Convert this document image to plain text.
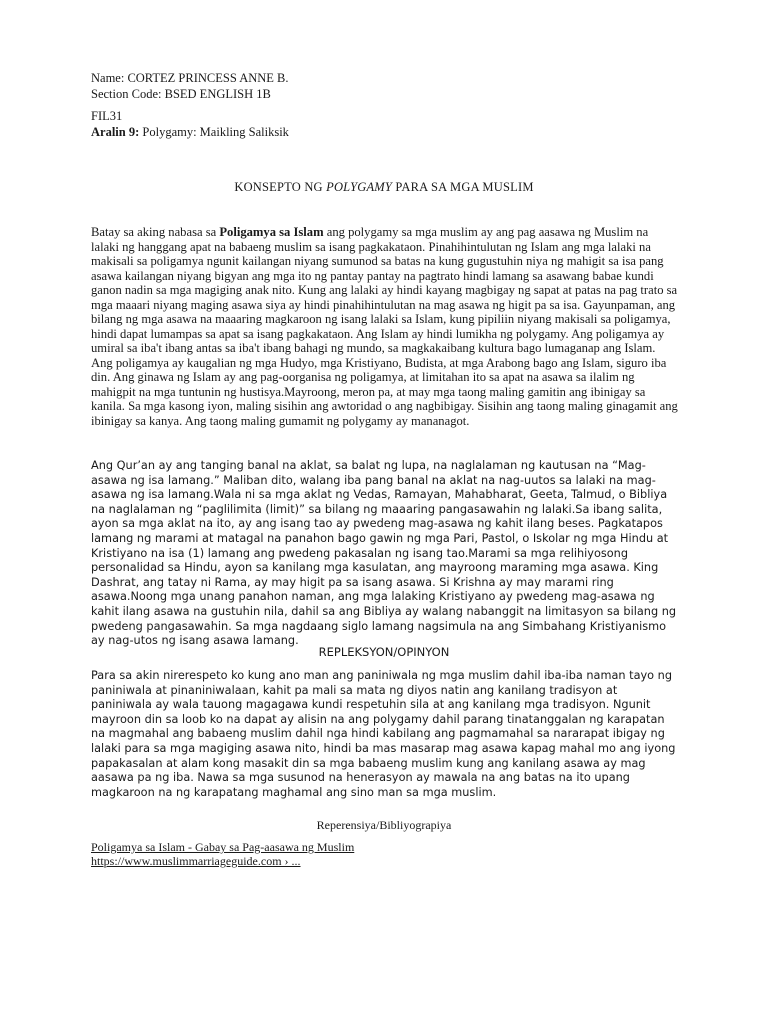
Name: CORTEZ PRINCESS ANNE B.
Section Code: BSED ENGLISH 1B
FIL31
Aralin 9: Polygamy: Maikling Saliksik
KONSEPTO NG POLYGAMY PARA SA MGA MUSLIM

Batay sa aking nabasa sa Poligamya sa Islam ang polygamy sa mga muslim ay ang pag aasawa ng Muslim na lalaki ng hanggang apat na babaeng muslim sa isang pagkakataon. Pinahihintulutan ng Islam ang mga lalaki na makisali sa poligamya ngunit kailangan niyang sumunod sa batas na kung gugustuhin niya ng mahigit sa isa pang asawa kailangan niyang bigyan ang mga ito ng pantay pantay na pagtrato hindi lamang sa asawang babae kundi ganon nadin sa mga magiging anak nito. Kung ang lalaki ay hindi kayang magbigay ng sapat at patas na pag trato sa mga maaari niyang maging asawa siya ay hindi pinahihintulutan na mag asawa ng higit pa sa isa. Gayunpaman, ang bilang ng mga asawa na maaaring magkaroon ng isang lalaki sa Islam, kung pipiliin niyang makisali sa poligamya, hindi dapat lumampas sa apat sa isang pagkakataon. Ang Islam ay hindi lumikha ng polygamy. Ang poligamya ay umiral sa iba't ibang antas sa iba't ibang bahagi ng mundo, sa magkakaibang kultura bago lumaganap ang Islam. Ang poligamya ay kaugalian ng mga Hudyo, mga Kristiyano, Budista, at mga Arabong bago ang Islam, siguro iba din. Ang ginawa ng Islam ay ang pag-oorganisa ng poligamya, at limitahan ito sa apat na asawa sa ilalim ng mahigpit na mga tuntunin ng hustisya.Mayroong, meron pa, at may mga taong maling gamitin ang ibinigay sa kanila. Sa mga kasong iyon, maling sisihin ang awtoridad o ang nagbibigay. Sisihin ang taong maling ginagamit ang ibinigay sa kanya. Ang taong maling gumamit ng polygamy ay mananagot.

Ang Qur’an ay ang tanging banal na aklat, sa balat ng lupa, na naglalaman ng kautusan na “Mag-asawa ng isa lamang.” Maliban dito, walang iba pang banal na aklat na nag-uutos sa lalaki na mag-asawa ng isa lamang.Wala ni sa mga aklat ng Vedas, Ramayan, Mahabharat, Geeta, Talmud, o Bibliya na naglalaman ng “paglilimita (limit)” sa bilang ng maaaring pangasawahin ng lalaki.Sa ibang salita, ayon sa mga aklat na ito, ay ang isang tao ay pwedeng mag-asawa ng kahit ilang beses. Pagkatapos lamang ng marami at matagal na panahon bago gawin ng mga Pari, Pastol, o Iskolar ng mga Hindu at Kristiyano na isa (1) lamang ang pwedeng pakasalan ng isang tao.Marami sa mga relihiyosong personalidad sa Hindu, ayon sa kanilang mga kasulatan, ang mayroong maraming mga asawa. King Dashrat, ang tatay ni Rama, ay may higit pa sa isang asawa. Si Krishna ay may marami ring asawa.Noong mga unang panahon naman, ang mga lalaking Kristiyano ay pwedeng mag-asawa ng kahit ilang asawa na gustuhin nila, dahil sa ang Bibliya ay walang nabanggit na limitasyon sa bilang ng pwedeng pangasawahin. Sa mga nagdaang siglo lamang nagsimula na ang Simbahang Kristiyanismo ay nag-utos ng isang asawa lamang.

REPLEKSYON/OPINYON

Para sa akin nirerespeto ko kung ano man ang paniniwala ng mga muslim dahil iba-iba naman tayo ng paniniwala at pinaniniwalaan, kahit pa mali sa mata ng diyos natin ang kanilang tradisyon at paniniwala ay wala tauong magagawa kundi respetuhin sila at ang kanilang mga tradisyon. Ngunit mayroon din sa loob ko na dapat ay alisin na ang polygamy dahil parang tinatanggalan ng karapatan na magmahal ang babaeng muslim dahil nga hindi kabilang ang pagmamahal sa nararapat ibigay ng lalaki para sa mga magiging asawa nito, hindi ba mas masarap mag asawa kapag mahal mo ang iyong papakasalan at alam kong masakit din sa mga babaeng muslim kung ang kanilang asawa ay mag aasawa pa ng iba. Nawa sa mga susunod na henerasyon ay mawala na ang batas na ito upang magkaroon na ng karapatang maghamal ang sino man sa mga muslim.

Reperensiya/Bibliyograpiya
Poligamya sa Islam - Gabay sa Pag-aasawa ng Muslim
https://www.muslimmarriageguide.com › ...
